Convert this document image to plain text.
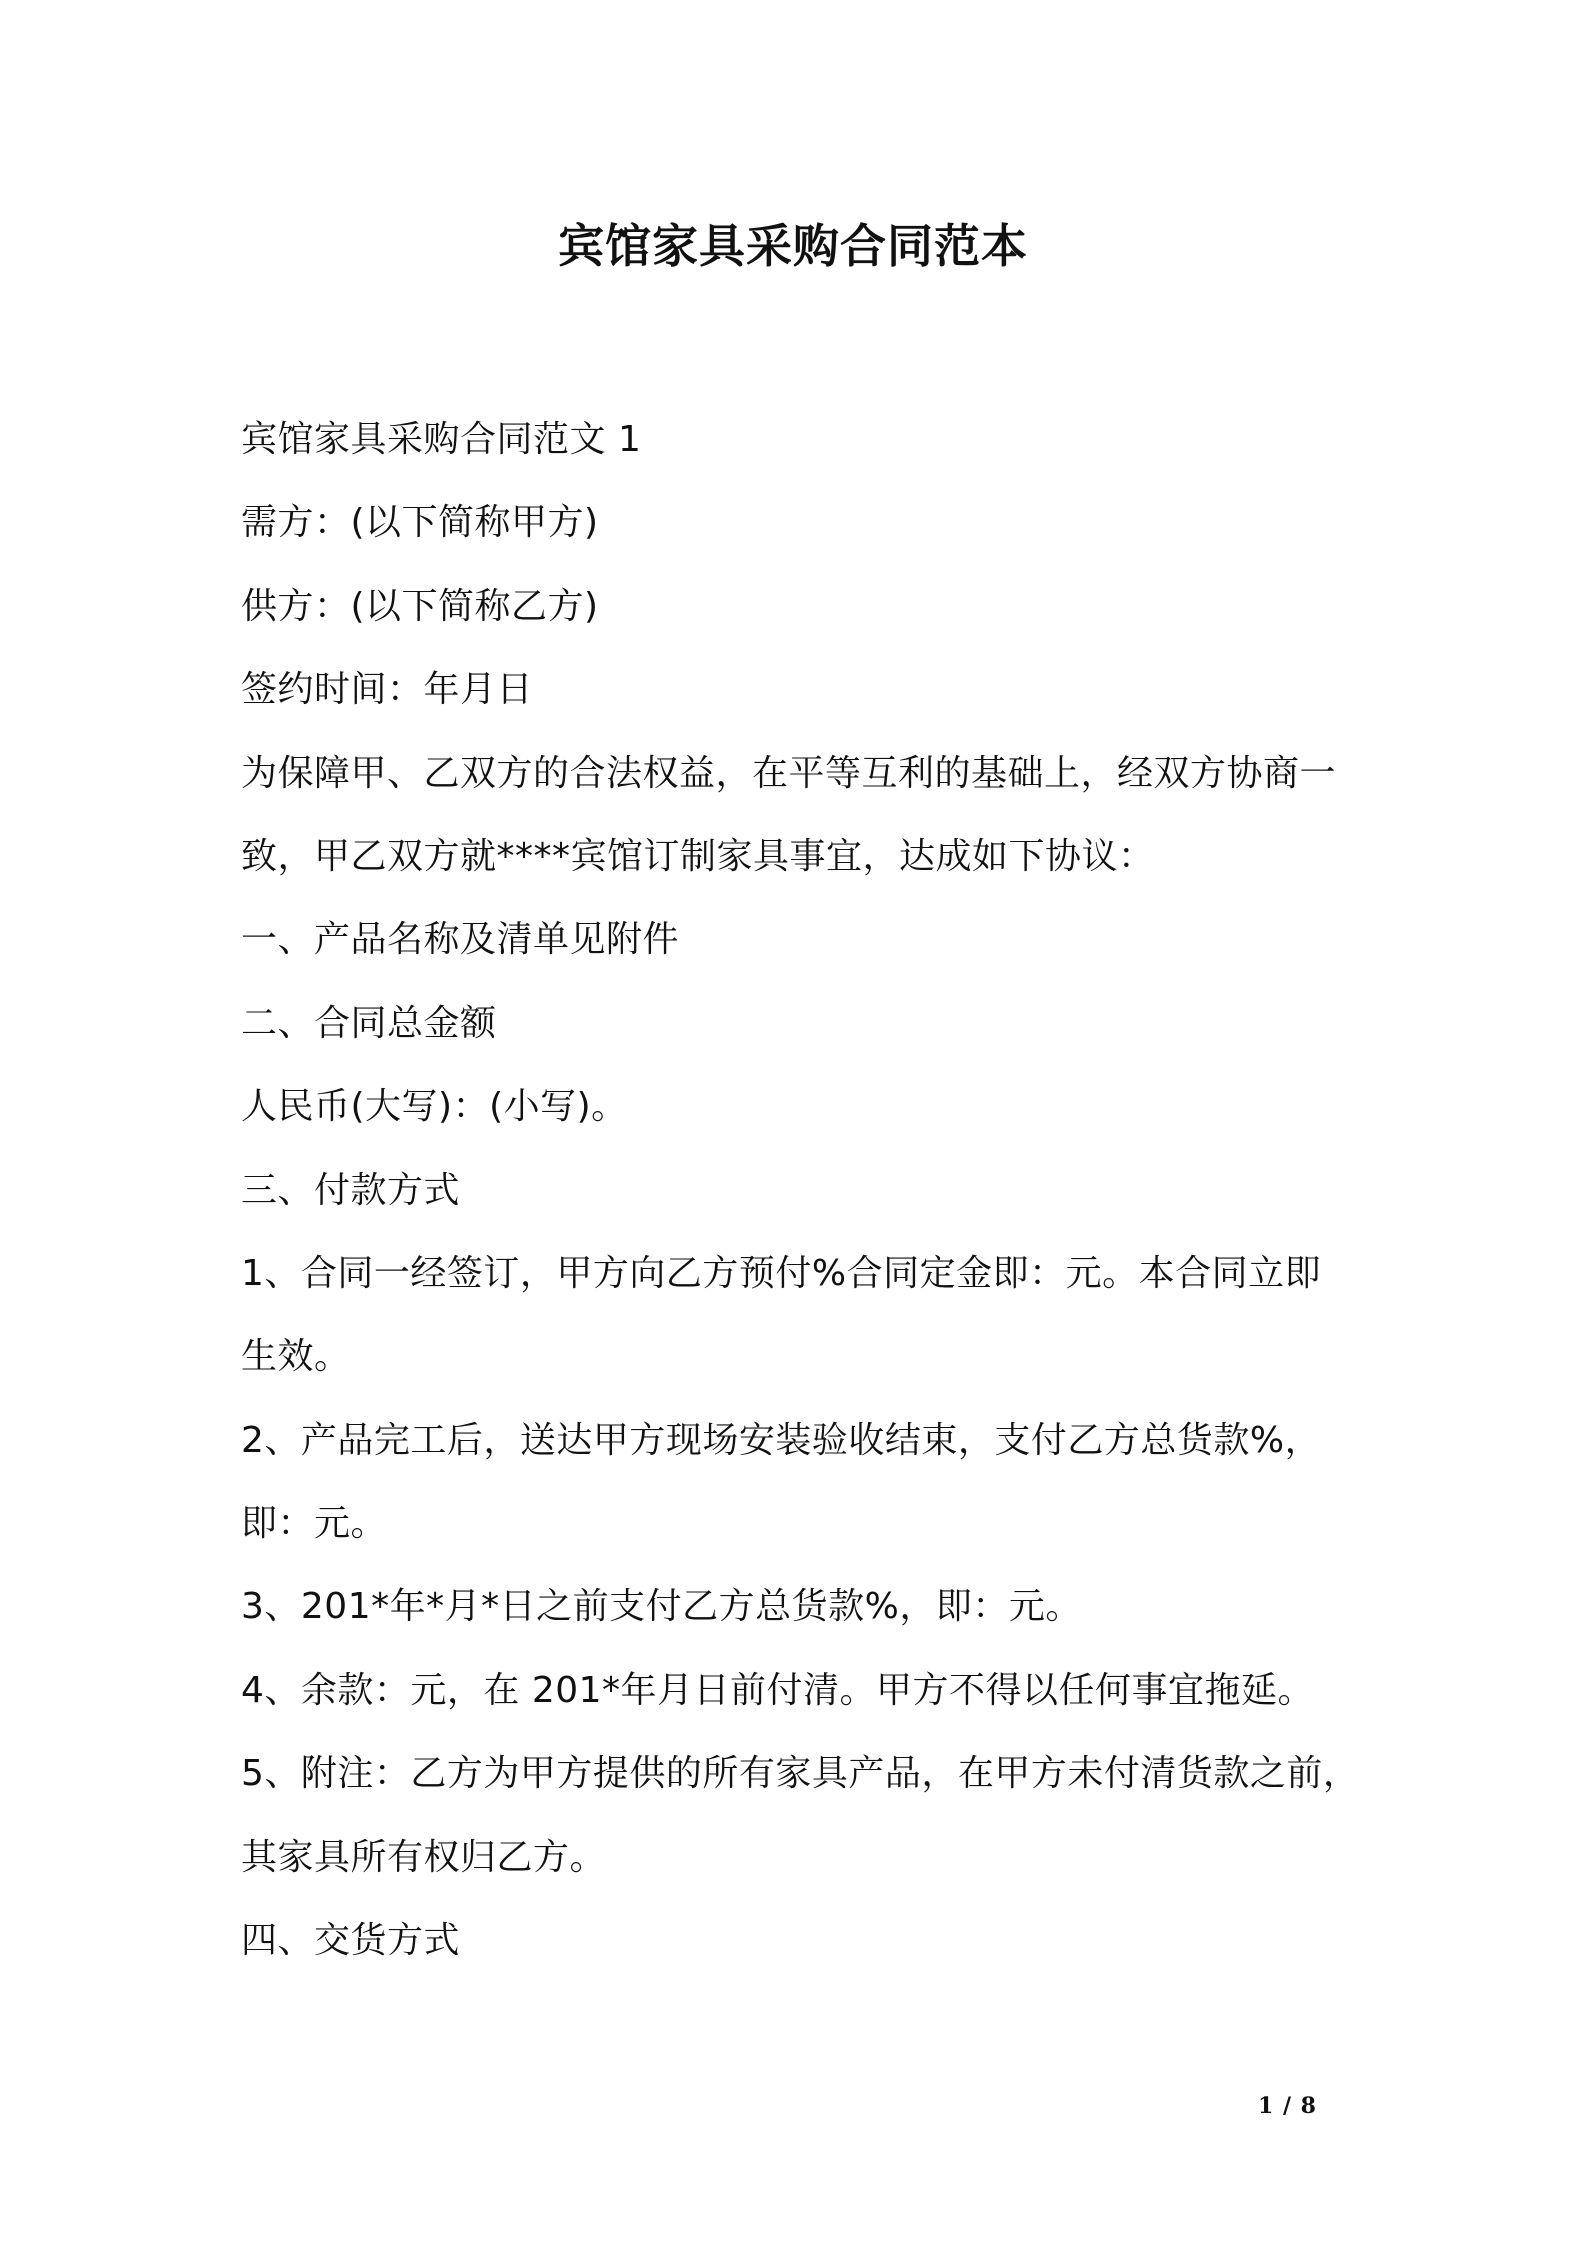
宾馆家具采购合同范本
宾馆家具采购合同范文 1
需方：(以下简称甲方)
供方：(以下简称乙方)
签约时间：年月日
为保障甲、乙双方的合法权益，在平等互利的基础上，经双方协商一
致，甲乙双方就****宾馆订制家具事宜，达成如下协议：
一、产品名称及清单见附件
二、合同总金额
人民币(大写)：(小写)。
三、付款方式
1、合同一经签订，甲方向乙方预付%合同定金即：元。本合同立即
生效。
2、产品完工后，送达甲方现场安装验收结束，支付乙方总货款%，
即：元。
3、201*年*月*日之前支付乙方总货款%，即：元。
4、余款：元，在 201*年月日前付清。甲方不得以任何事宜拖延。
5、附注：乙方为甲方提供的所有家具产品，在甲方未付清货款之前，
其家具所有权归乙方。
四、交货方式
1 / 8
